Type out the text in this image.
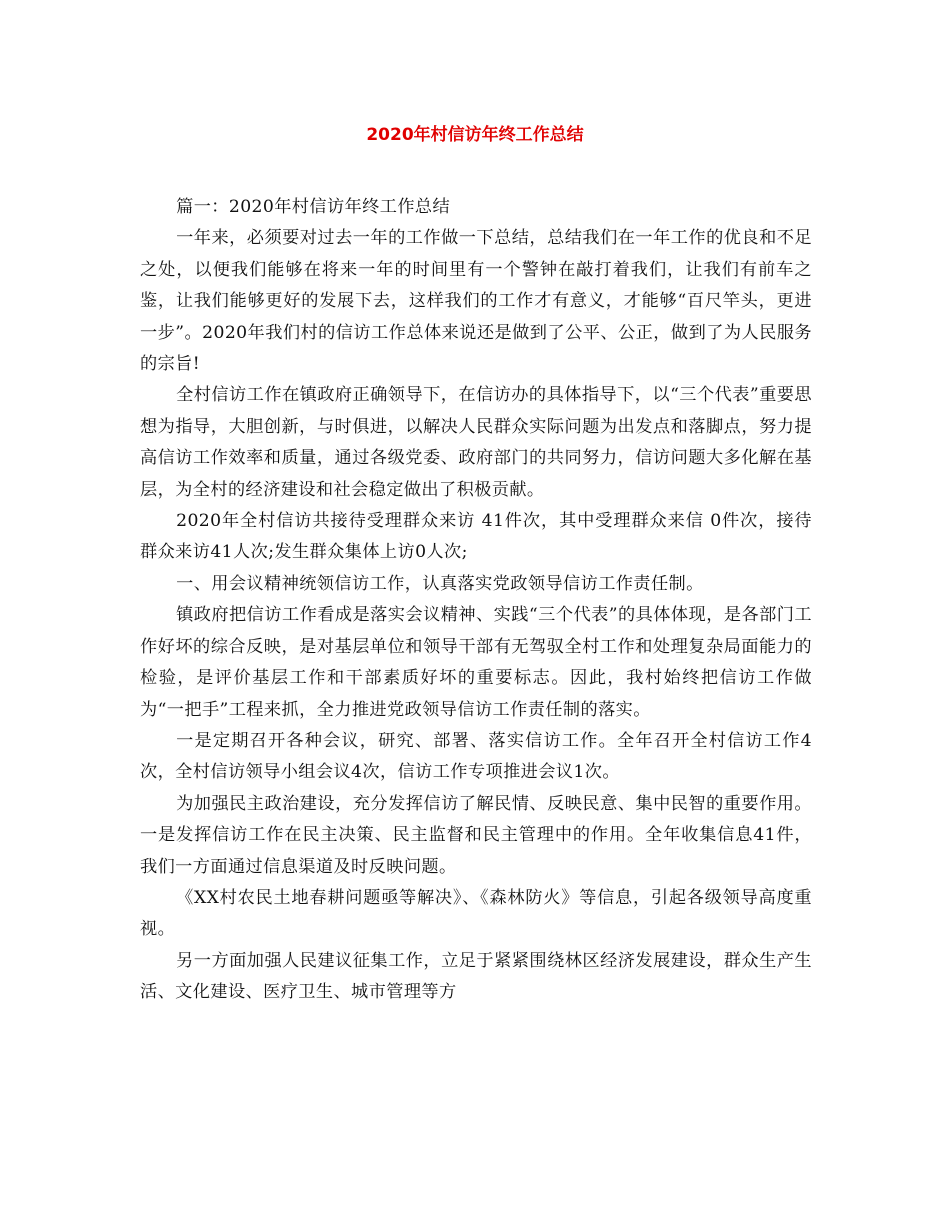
2020年村信访年终工作总结

篇一：2020年村信访年终工作总结

一年来，必须要对过去一年的工作做一下总结，总结我们在一年工作的优良和不足之处，以便我们能够在将来一年的时间里有一个警钟在敲打着我们，让我们有前车之鉴，让我们能够更好的发展下去，这样我们的工作才有意义，才能够“百尺竿头，更进一步”。2020年我们村的信访工作总体来说还是做到了公平、公正，做到了为人民服务的宗旨!

全村信访工作在镇政府正确领导下，在信访办的具体指导下，以“三个代表”重要思想为指导，大胆创新，与时俱进，以解决人民群众实际问题为出发点和落脚点，努力提高信访工作效率和质量，通过各级党委、政府部门的共同努力，信访问题大多化解在基层，为全村的经济建设和社会稳定做出了积极贡献。

2020年全村信访共接待受理群众来访 41件次，其中受理群众来信 0件次，接待群众来访41人次;发生群众集体上访0人次;

一、用会议精神统领信访工作，认真落实党政领导信访工作责任制。

镇政府把信访工作看成是落实会议精神、实践“三个代表”的具体体现，是各部门工作好坏的综合反映，是对基层单位和领导干部有无驾驭全村工作和处理复杂局面能力的检验，是评价基层工作和干部素质好坏的重要标志。因此，我村始终把信访工作做为“一把手”工程来抓，全力推进党政领导信访工作责任制的落实。

一是定期召开各种会议，研究、部署、落实信访工作。全年召开全村信访工作4次，全村信访领导小组会议4次，信访工作专项推进会议1次。

为加强民主政治建设，充分发挥信访了解民情、反映民意、集中民智的重要作用。一是发挥信访工作在民主决策、民主监督和民主管理中的作用。全年收集信息41件，我们一方面通过信息渠道及时反映问题。

《XX村农民土地春耕问题亟等解决》、《森林防火》等信息，引起各级领导高度重视。

另一方面加强人民建议征集工作，立足于紧紧围绕林区经济发展建设，群众生产生活、文化建设、医疗卫生、城市管理等方
